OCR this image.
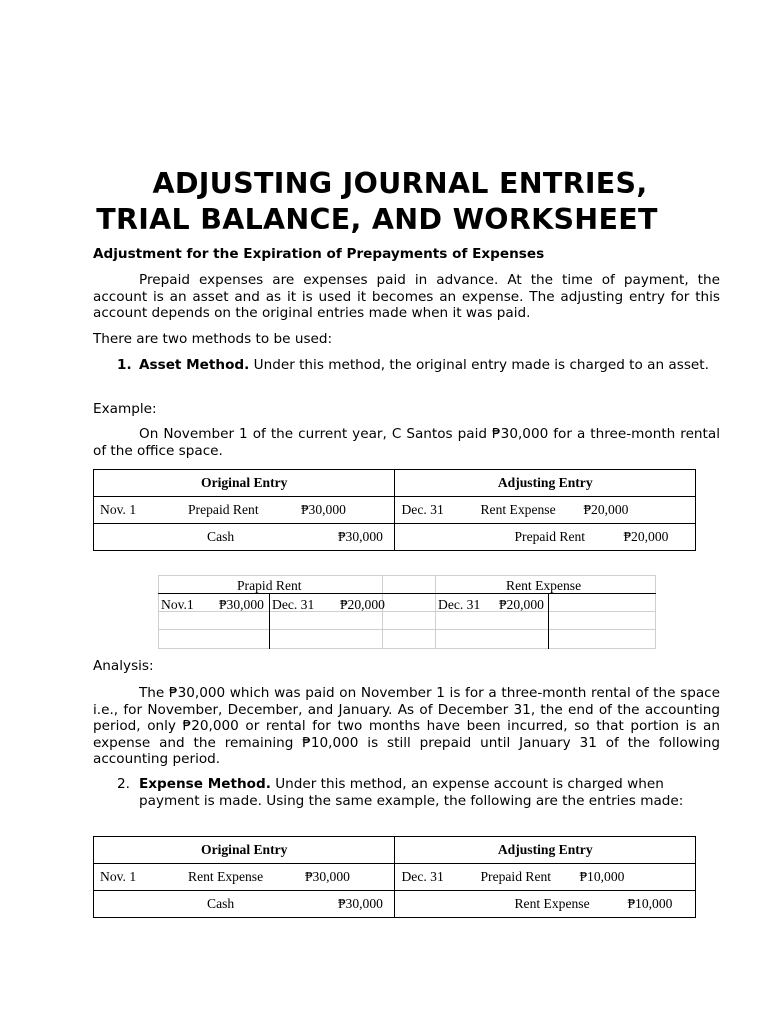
ADJUSTING JOURNAL ENTRIES,
TRIAL BALANCE, AND WORKSHEET

Adjustment for the Expiration of Prepayments of Expenses

Prepaid expenses are expenses paid in advance. At the time of payment, the account is an asset and as it is used it becomes an expense. The adjusting entry for this account depends on the original entries made when it was paid.

There are two methods to be used:

1. Asset Method. Under this method, the original entry made is charged to an asset.

Example:

On November 1 of the current year, C Santos paid ₱30,000 for a three-month rental of the office space.

Original Entry	Adjusting Entry

Nov. 1 Prepaid Rent ₱30,000	Dec. 31 Rent Expense ₱20,000

Cash ₱30,000	Prepaid Rent ₱20,000
Prapid Rent
Nov.1 ₱30,000 Dec. 31 ₱20,000
Rent Expense
Dec. 31 ₱20,000

Analysis:

The ₱30,000 which was paid on November 1 is for a three-month rental of the space i.e., for November, December, and January. As of December 31, the end of the accounting period, only ₱20,000 or rental for two months have been incurred, so that portion is an expense and the remaining ₱10,000 is still prepaid until January 31 of the following accounting period.

2. Expense Method. Under this method, an expense account is charged when payment is made. Using the same example, the following are the entries made:
Original Entry	Adjusting Entry

Nov. 1 Rent Expense ₱30,000	Dec. 31 Prepaid Rent ₱10,000

Cash ₱30,000	Rent Expense ₱10,000
